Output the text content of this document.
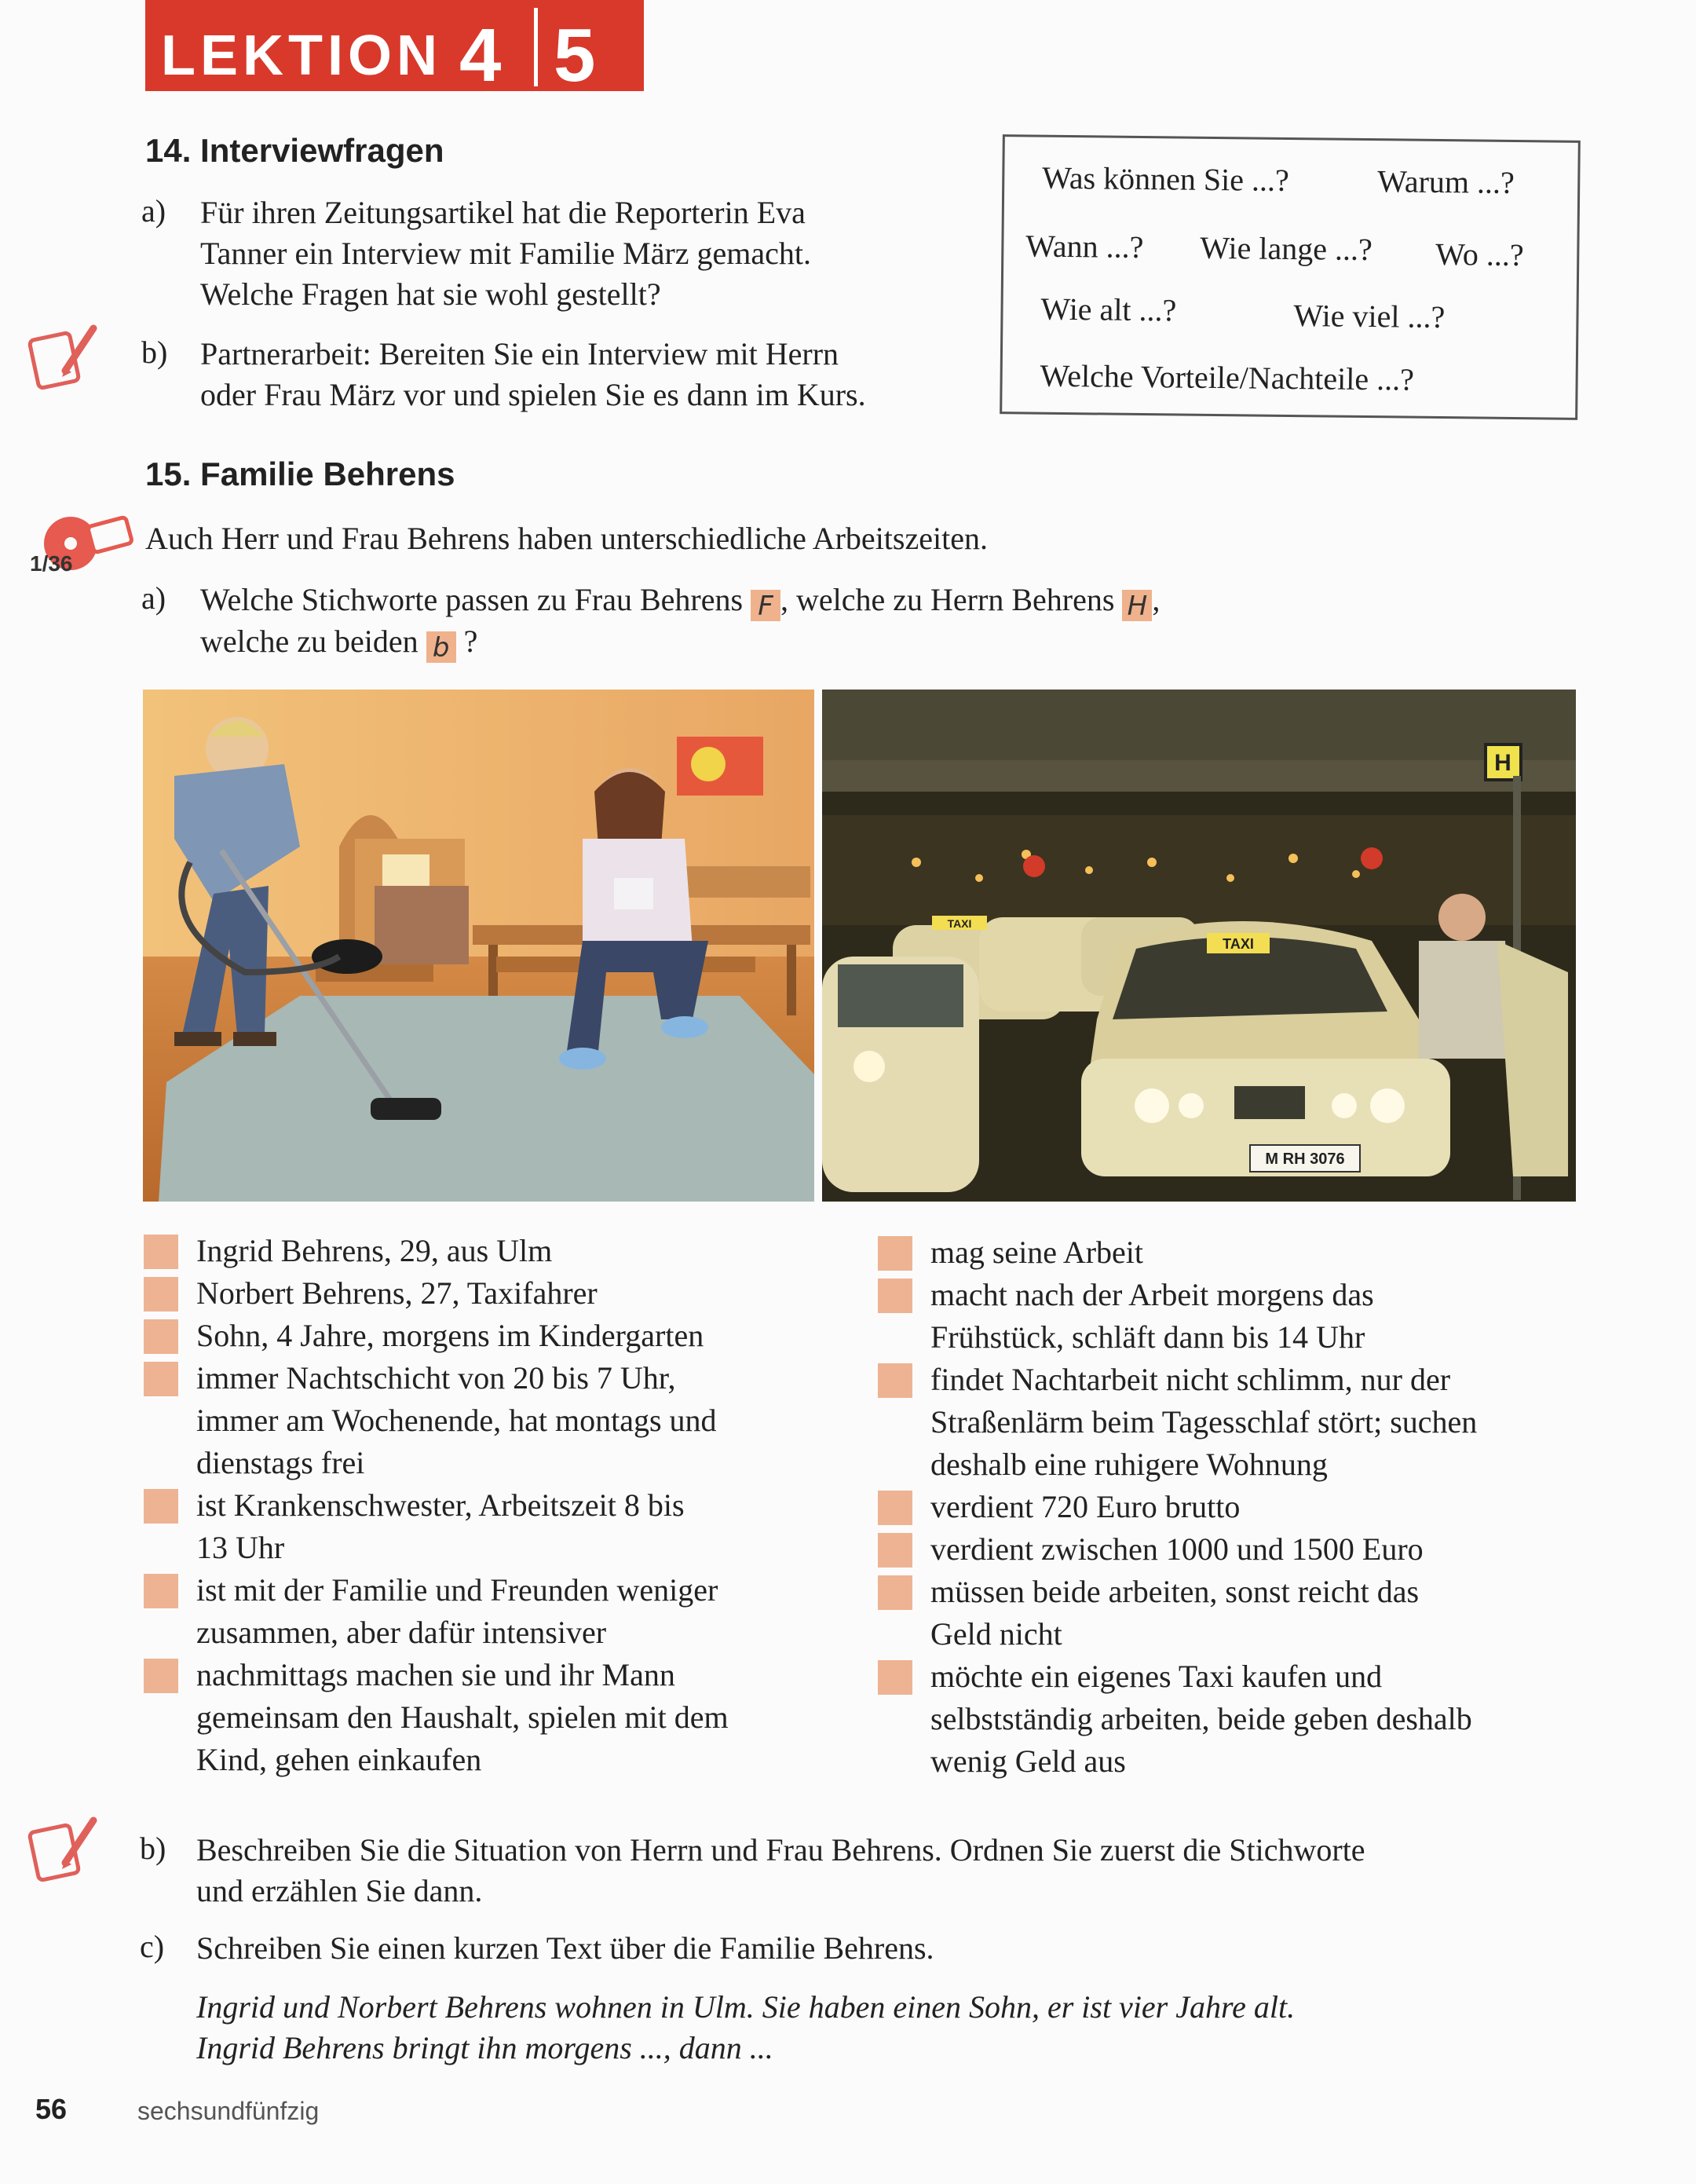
LEKTION 4 5
14. Interviewfragen
a) Für ihren Zeitungsartikel hat die Reporterin Eva
Tanner ein Interview mit Familie März gemacht.
Welche Fragen hat sie wohl gestellt?
b) Partnerarbeit: Bereiten Sie ein Interview mit Herrn
oder Frau März vor und spielen Sie es dann im Kurs.
Was können Sie ...?	Warum ...?
Wann ...? Wie lange ...? Wo ...?
Wie alt ...?	Wie viel ...?
Welche Vorteile/Nachteile ...?
15. Familie Behrens
1/36
Auch Herr und Frau Behrens haben unterschiedliche Arbeitszeiten.
a) Welche Stichworte passen zu Frau Behrens F , welche zu Herrn Behrens H ,
welche zu beiden b ?
H
TAXI
TAXI
M RH 3076
Ingrid Behrens, 29, aus Ulm
Norbert Behrens, 27, Taxifahrer
Sohn, 4 Jahre, morgens im Kindergarten
immer Nachtschicht von 20 bis 7 Uhr,
immer am Wochenende, hat montags und
dienstags frei
ist Krankenschwester, Arbeitszeit 8 bis
13 Uhr
ist mit der Familie und Freunden weniger
zusammen, aber dafür intensiver
nachmittags machen sie und ihr Mann
gemeinsam den Haushalt, spielen mit dem
Kind, gehen einkaufen
mag seine Arbeit
macht nach der Arbeit morgens das
Frühstück, schläft dann bis 14 Uhr
findet Nachtarbeit nicht schlimm, nur der
Straßenlärm beim Tagesschlaf stört; suchen
deshalb eine ruhigere Wohnung
verdient 720 Euro brutto
verdient zwischen 1000 und 1500 Euro
müssen beide arbeiten, sonst reicht das
Geld nicht
möchte ein eigenes Taxi kaufen und
selbstständig arbeiten, beide geben deshalb
wenig Geld aus
b) Beschreiben Sie die Situation von Herrn und Frau Behrens. Ordnen Sie zuerst die Stichworte
und erzählen Sie dann.
c) Schreiben Sie einen kurzen Text über die Familie Behrens.
Ingrid und Norbert Behrens wohnen in Ulm. Sie haben einen Sohn, er ist vier Jahre alt.
Ingrid Behrens bringt ihn morgens ..., dann ...
56	sechsundfünfzig
